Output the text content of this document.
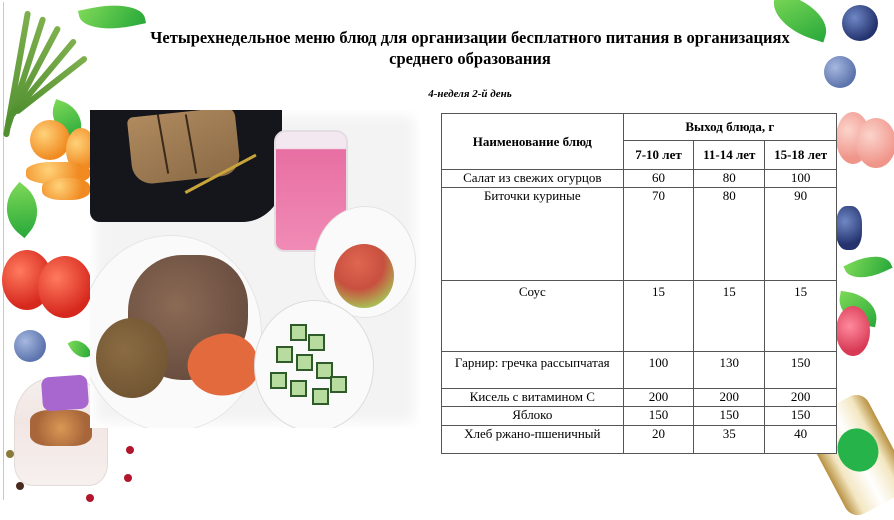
Четырехнедельное меню блюд для организации бесплатного питания в организациях среднего образования
4-неделя 2-й день
Наименование блюд	Выход блюда, г		
	7-10 лет	11-14 лет	15-18 лет
Салат из свежих огурцов	60	80	100
Биточки куриные	70	80	90
Соус	15	15	15
Гарнир: гречка рассыпчатая	100	130	150
Кисель с витамином С	200	200	200
Яблоко	150	150	150
Хлеб ржано-пшеничный	20	35	40
